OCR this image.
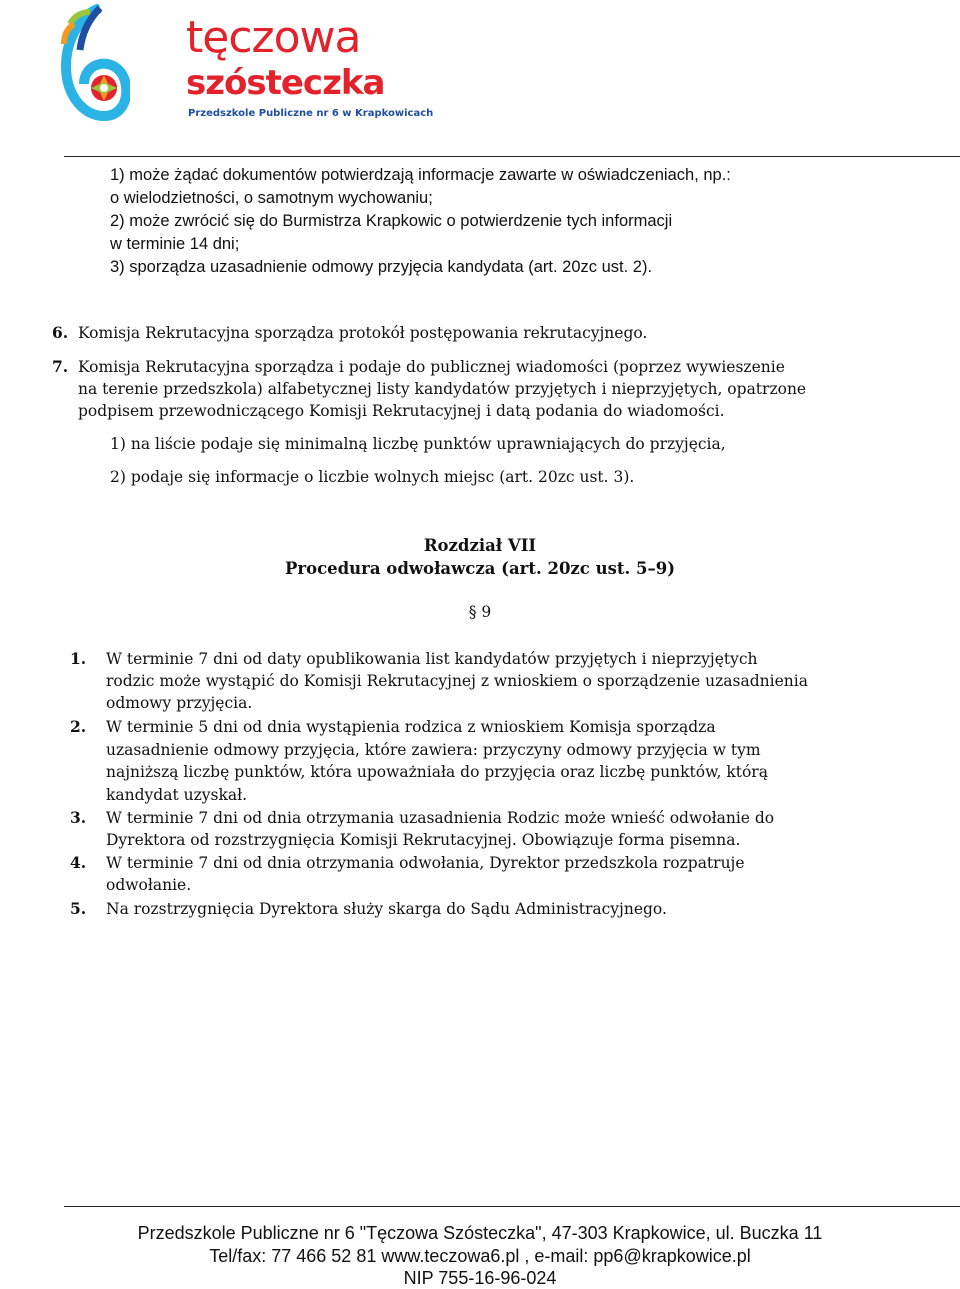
tęczowa
szósteczka
Przedszkole Publiczne nr 6 w Krapkowicach
1) może żądać dokumentów potwierdzają informacje zawarte w oświadczeniach, np.:
o wielodzietności, o samotnym wychowaniu;
2) może zwrócić się do Burmistrza Krapkowic o potwierdzenie tych informacji
w terminie 14 dni;
3) sporządza uzasadnienie odmowy przyjęcia kandydata (art. 20zc ust. 2).
6. Komisja Rekrutacyjna sporządza protokół postępowania rekrutacyjnego.
7. Komisja Rekrutacyjna sporządza i podaje do publicznej wiadomości (poprzez wywieszenie
na terenie przedszkola) alfabetycznej listy kandydatów przyjętych i nieprzyjętych, opatrzone
podpisem przewodniczącego Komisji Rekrutacyjnej i datą podania do wiadomości.
1) na liście podaje się minimalną liczbę punktów uprawniających do przyjęcia,
2) podaje się informacje o liczbie wolnych miejsc (art. 20zc ust. 3).
Rozdział VII
Procedura odwoławcza (art. 20zc ust. 5–9)
§ 9
1. W terminie 7 dni od daty opublikowania list kandydatów przyjętych i nieprzyjętych
rodzic może wystąpić do Komisji Rekrutacyjnej z wnioskiem o sporządzenie uzasadnienia
odmowy przyjęcia.
2. W terminie 5 dni od dnia wystąpienia rodzica z wnioskiem Komisja sporządza
uzasadnienie odmowy przyjęcia, które zawiera: przyczyny odmowy przyjęcia w tym
najniższą liczbę punktów, która upoważniała do przyjęcia oraz liczbę punktów, którą
kandydat uzyskał.
3. W terminie 7 dni od dnia otrzymania uzasadnienia Rodzic może wnieść odwołanie do
Dyrektora od rozstrzygnięcia Komisji Rekrutacyjnej. Obowiązuje forma pisemna.
4. W terminie 7 dni od dnia otrzymania odwołania, Dyrektor przedszkola rozpatruje
odwołanie.
5. Na rozstrzygnięcia Dyrektora służy skarga do Sądu Administracyjnego.
Przedszkole Publiczne nr 6 "Tęczowa Szósteczka", 47-303 Krapkowice, ul. Buczka 11
Tel/fax: 77 466 52 81 www.teczowa6.pl , e-mail: pp6@krapkowice.pl
NIP 755-16-96-024
